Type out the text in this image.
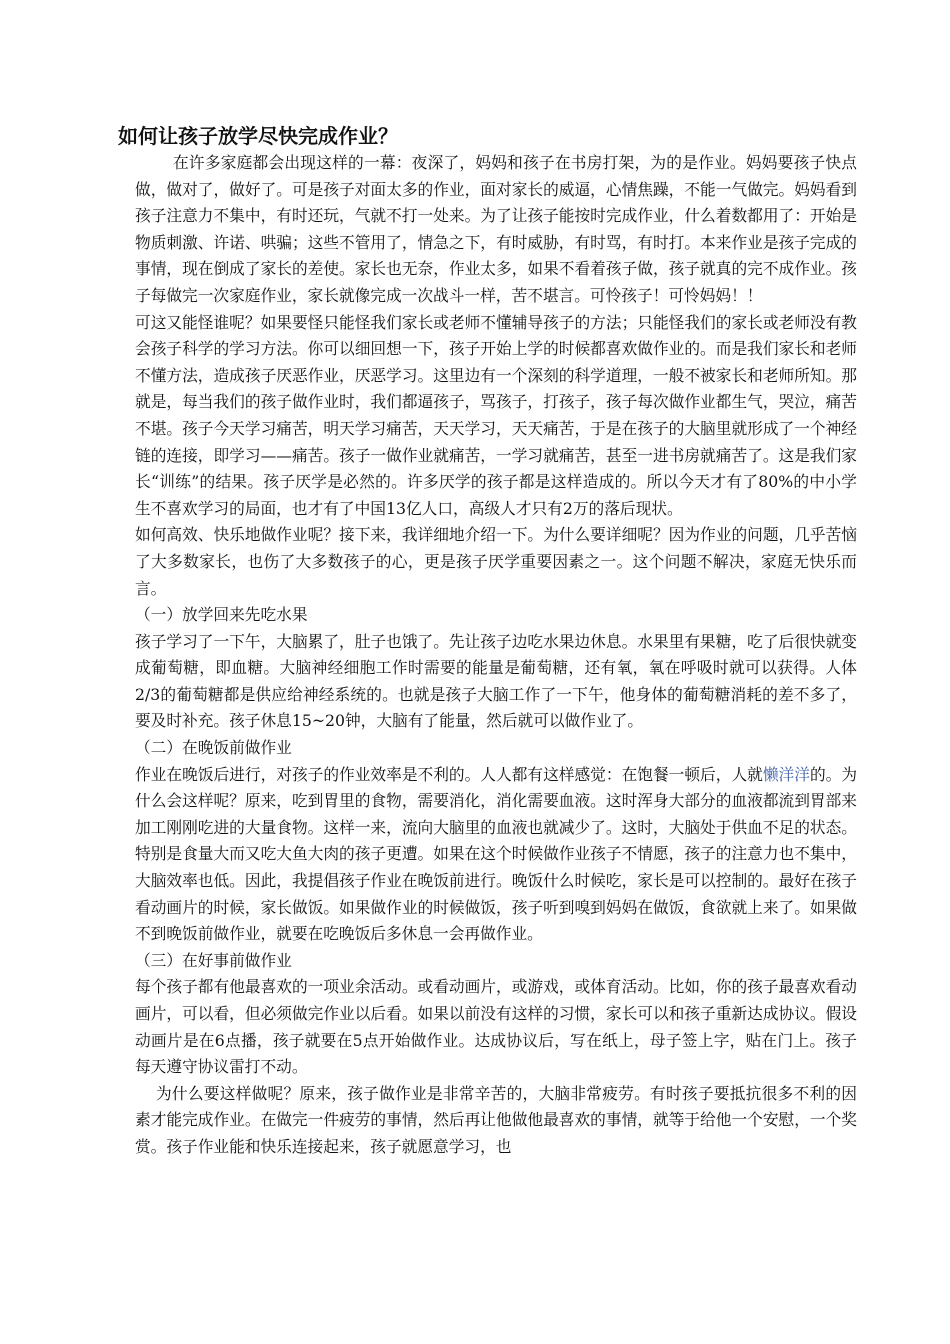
如何让孩子放学尽快完成作业？

在许多家庭都会出现这样的一幕：夜深了，妈妈和孩子在书房打架，为的是作业。妈妈要孩子快点做，做对了，做好了。可是孩子对面太多的作业，面对家长的威逼，心情焦躁，不能一气做完。妈妈看到孩子注意力不集中，有时还玩，气就不打一处来。为了让孩子能按时完成作业，什么着数都用了：开始是物质刺激、许诺、哄骗；这些不管用了，情急之下，有时威胁，有时骂，有时打。本来作业是孩子完成的事情，现在倒成了家长的差使。家长也无奈，作业太多，如果不看着孩子做，孩子就真的完不成作业。孩子每做完一次家庭作业，家长就像完成一次战斗一样，苦不堪言。可怜孩子！可怜妈妈！！

可这又能怪谁呢？如果要怪只能怪我们家长或老师不懂辅导孩子的方法；只能怪我们的家长或老师没有教会孩子科学的学习方法。你可以细回想一下，孩子开始上学的时候都喜欢做作业的。而是我们家长和老师不懂方法，造成孩子厌恶作业，厌恶学习。这里边有一个深刻的科学道理，一般不被家长和老师所知。那就是，每当我们的孩子做作业时，我们都逼孩子，骂孩子，打孩子，孩子每次做作业都生气，哭泣，痛苦不堪。孩子今天学习痛苦，明天学习痛苦，天天学习，天天痛苦，于是在孩子的大脑里就形成了一个神经链的连接，即学习——痛苦。孩子一做作业就痛苦，一学习就痛苦，甚至一进书房就痛苦了。这是我们家长“训练”的结果。孩子厌学是必然的。许多厌学的孩子都是这样造成的。所以今天才有了80%的中小学生不喜欢学习的局面，也才有了中国13亿人口，高级人才只有2万的落后现状。

如何高效、快乐地做作业呢？接下来，我详细地介绍一下。为什么要详细呢？因为作业的问题，几乎苦恼了大多数家长，也伤了大多数孩子的心，更是孩子厌学重要因素之一。这个问题不解决，家庭无快乐而言。

（一）放学回来先吃水果

孩子学习了一下午，大脑累了，肚子也饿了。先让孩子边吃水果边休息。水果里有果糖，吃了后很快就变成葡萄糖，即血糖。大脑神经细胞工作时需要的能量是葡萄糖，还有氧，氧在呼吸时就可以获得。人体2/3的葡萄糖都是供应给神经系统的。也就是孩子大脑工作了一下午，他身体的葡萄糖消耗的差不多了，要及时补充。孩子休息15~20钟，大脑有了能量，然后就可以做作业了。

（二）在晚饭前做作业

作业在晚饭后进行，对孩子的作业效率是不利的。人人都有这样感觉：在饱餐一顿后，人就懒洋洋的。为什么会这样呢？原来，吃到胃里的食物，需要消化，消化需要血液。这时浑身大部分的血液都流到胃部来加工刚刚吃进的大量食物。这样一来，流向大脑里的血液也就减少了。这时，大脑处于供血不足的状态。特别是食量大而又吃大鱼大肉的孩子更遭。如果在这个时候做作业孩子不情愿，孩子的注意力也不集中，大脑效率也低。因此，我提倡孩子作业在晚饭前进行。晚饭什么时候吃，家长是可以控制的。最好在孩子看动画片的时候，家长做饭。如果做作业的时候做饭，孩子听到嗅到妈妈在做饭，食欲就上来了。如果做不到晚饭前做作业，就要在吃晚饭后多休息一会再做作业。

（三）在好事前做作业

每个孩子都有他最喜欢的一项业余活动。或看动画片，或游戏，或体育活动。比如，你的孩子最喜欢看动画片，可以看，但必须做完作业以后看。如果以前没有这样的习惯，家长可以和孩子重新达成协议。假设动画片是在6点播，孩子就要在5点开始做作业。达成协议后，写在纸上，母子签上字，贴在门上。孩子每天遵守协议雷打不动。

为什么要这样做呢？原来，孩子做作业是非常辛苦的，大脑非常疲劳。有时孩子要抵抗很多不利的因素才能完成作业。在做完一件疲劳的事情，然后再让他做他最喜欢的事情，就等于给他一个安慰，一个奖赏。孩子作业能和快乐连接起来，孩子就愿意学习，也
